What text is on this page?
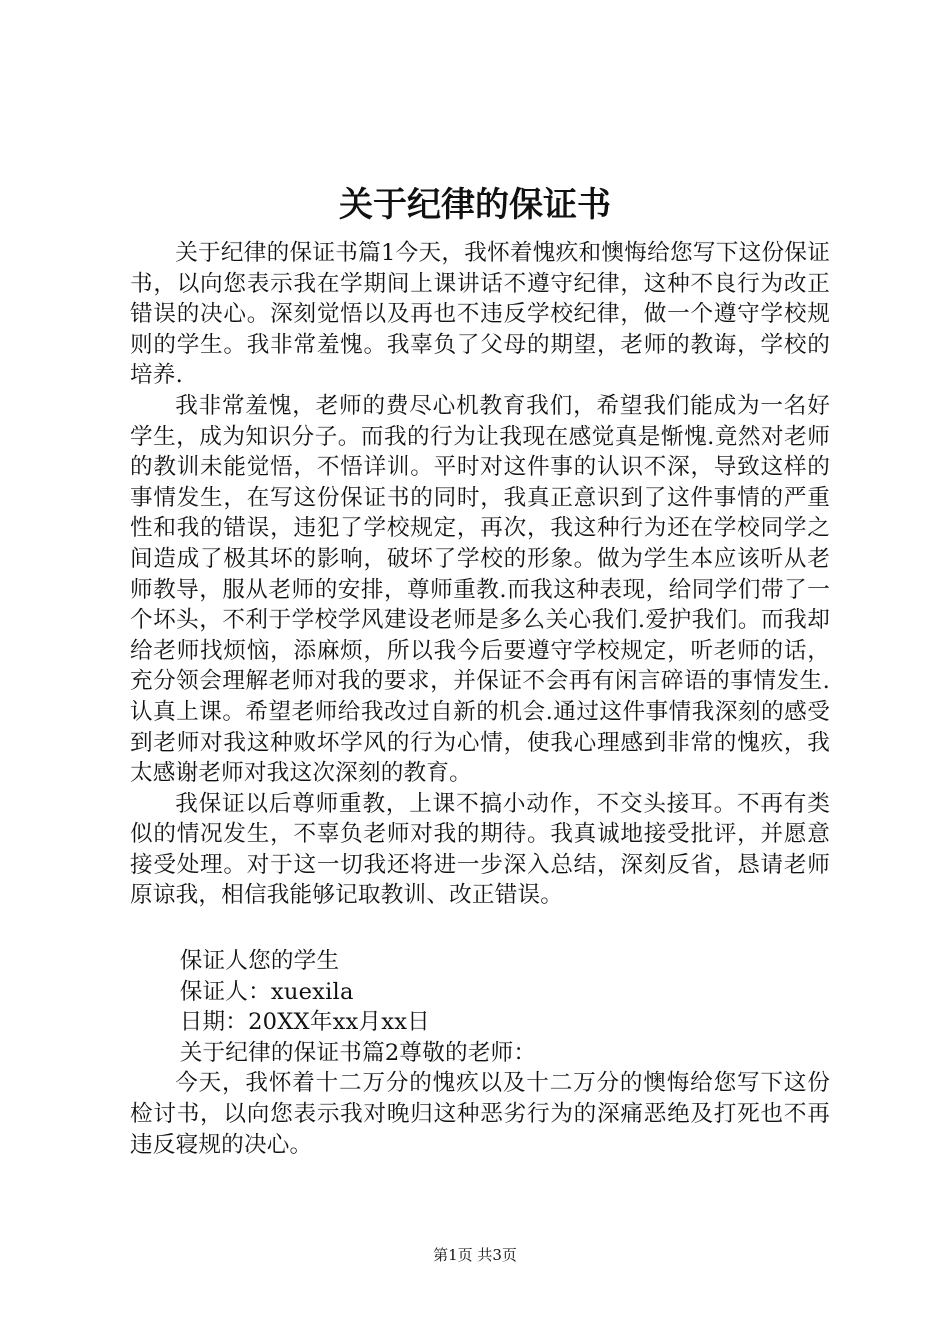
关于纪律的保证书

关于纪律的保证书篇1今天，我怀着愧疚和懊悔给您写下这份保证书，以向您表示我在学期间上课讲话不遵守纪律，这种不良行为改正错误的决心。深刻觉悟以及再也不违反学校纪律，做一个遵守学校规则的学生。我非常羞愧。我辜负了父母的期望，老师的教诲，学校的培养.

我非常羞愧，老师的费尽心机教育我们，希望我们能成为一名好学生，成为知识分子。而我的行为让我现在感觉真是惭愧.竟然对老师的教训未能觉悟，不悟详训。平时对这件事的认识不深，导致这样的事情发生，在写这份保证书的同时，我真正意识到了这件事情的严重性和我的错误，违犯了学校规定，再次，我这种行为还在学校同学之间造成了极其坏的影响，破坏了学校的形象。做为学生本应该听从老师教导，服从老师的安排，尊师重教.而我这种表现，给同学们带了一个坏头，不利于学校学风建设老师是多么关心我们.爱护我们。而我却给老师找烦恼，添麻烦，所以我今后要遵守学校规定，听老师的话，充分领会理解老师对我的要求，并保证不会再有闲言碎语的事情发生.认真上课。希望老师给我改过自新的机会.通过这件事情我深刻的感受到老师对我这种败坏学风的行为心情，使我心理感到非常的愧疚，我太感谢老师对我这次深刻的教育。

我保证以后尊师重教，上课不搞小动作，不交头接耳。不再有类似的情况发生，不辜负老师对我的期待。我真诚地接受批评，并愿意接受处理。对于这一切我还将进一步深入总结，深刻反省，恳请老师原谅我，相信我能够记取教训、改正错误。

保证人您的学生

保证人：xuexila

日期：20XX年xx月xx日

关于纪律的保证书篇2尊敬的老师：

今天，我怀着十二万分的愧疚以及十二万分的懊悔给您写下这份检讨书，以向您表示我对晚归这种恶劣行为的深痛恶绝及打死也不再违反寝规的决心。

第1页 共3页
